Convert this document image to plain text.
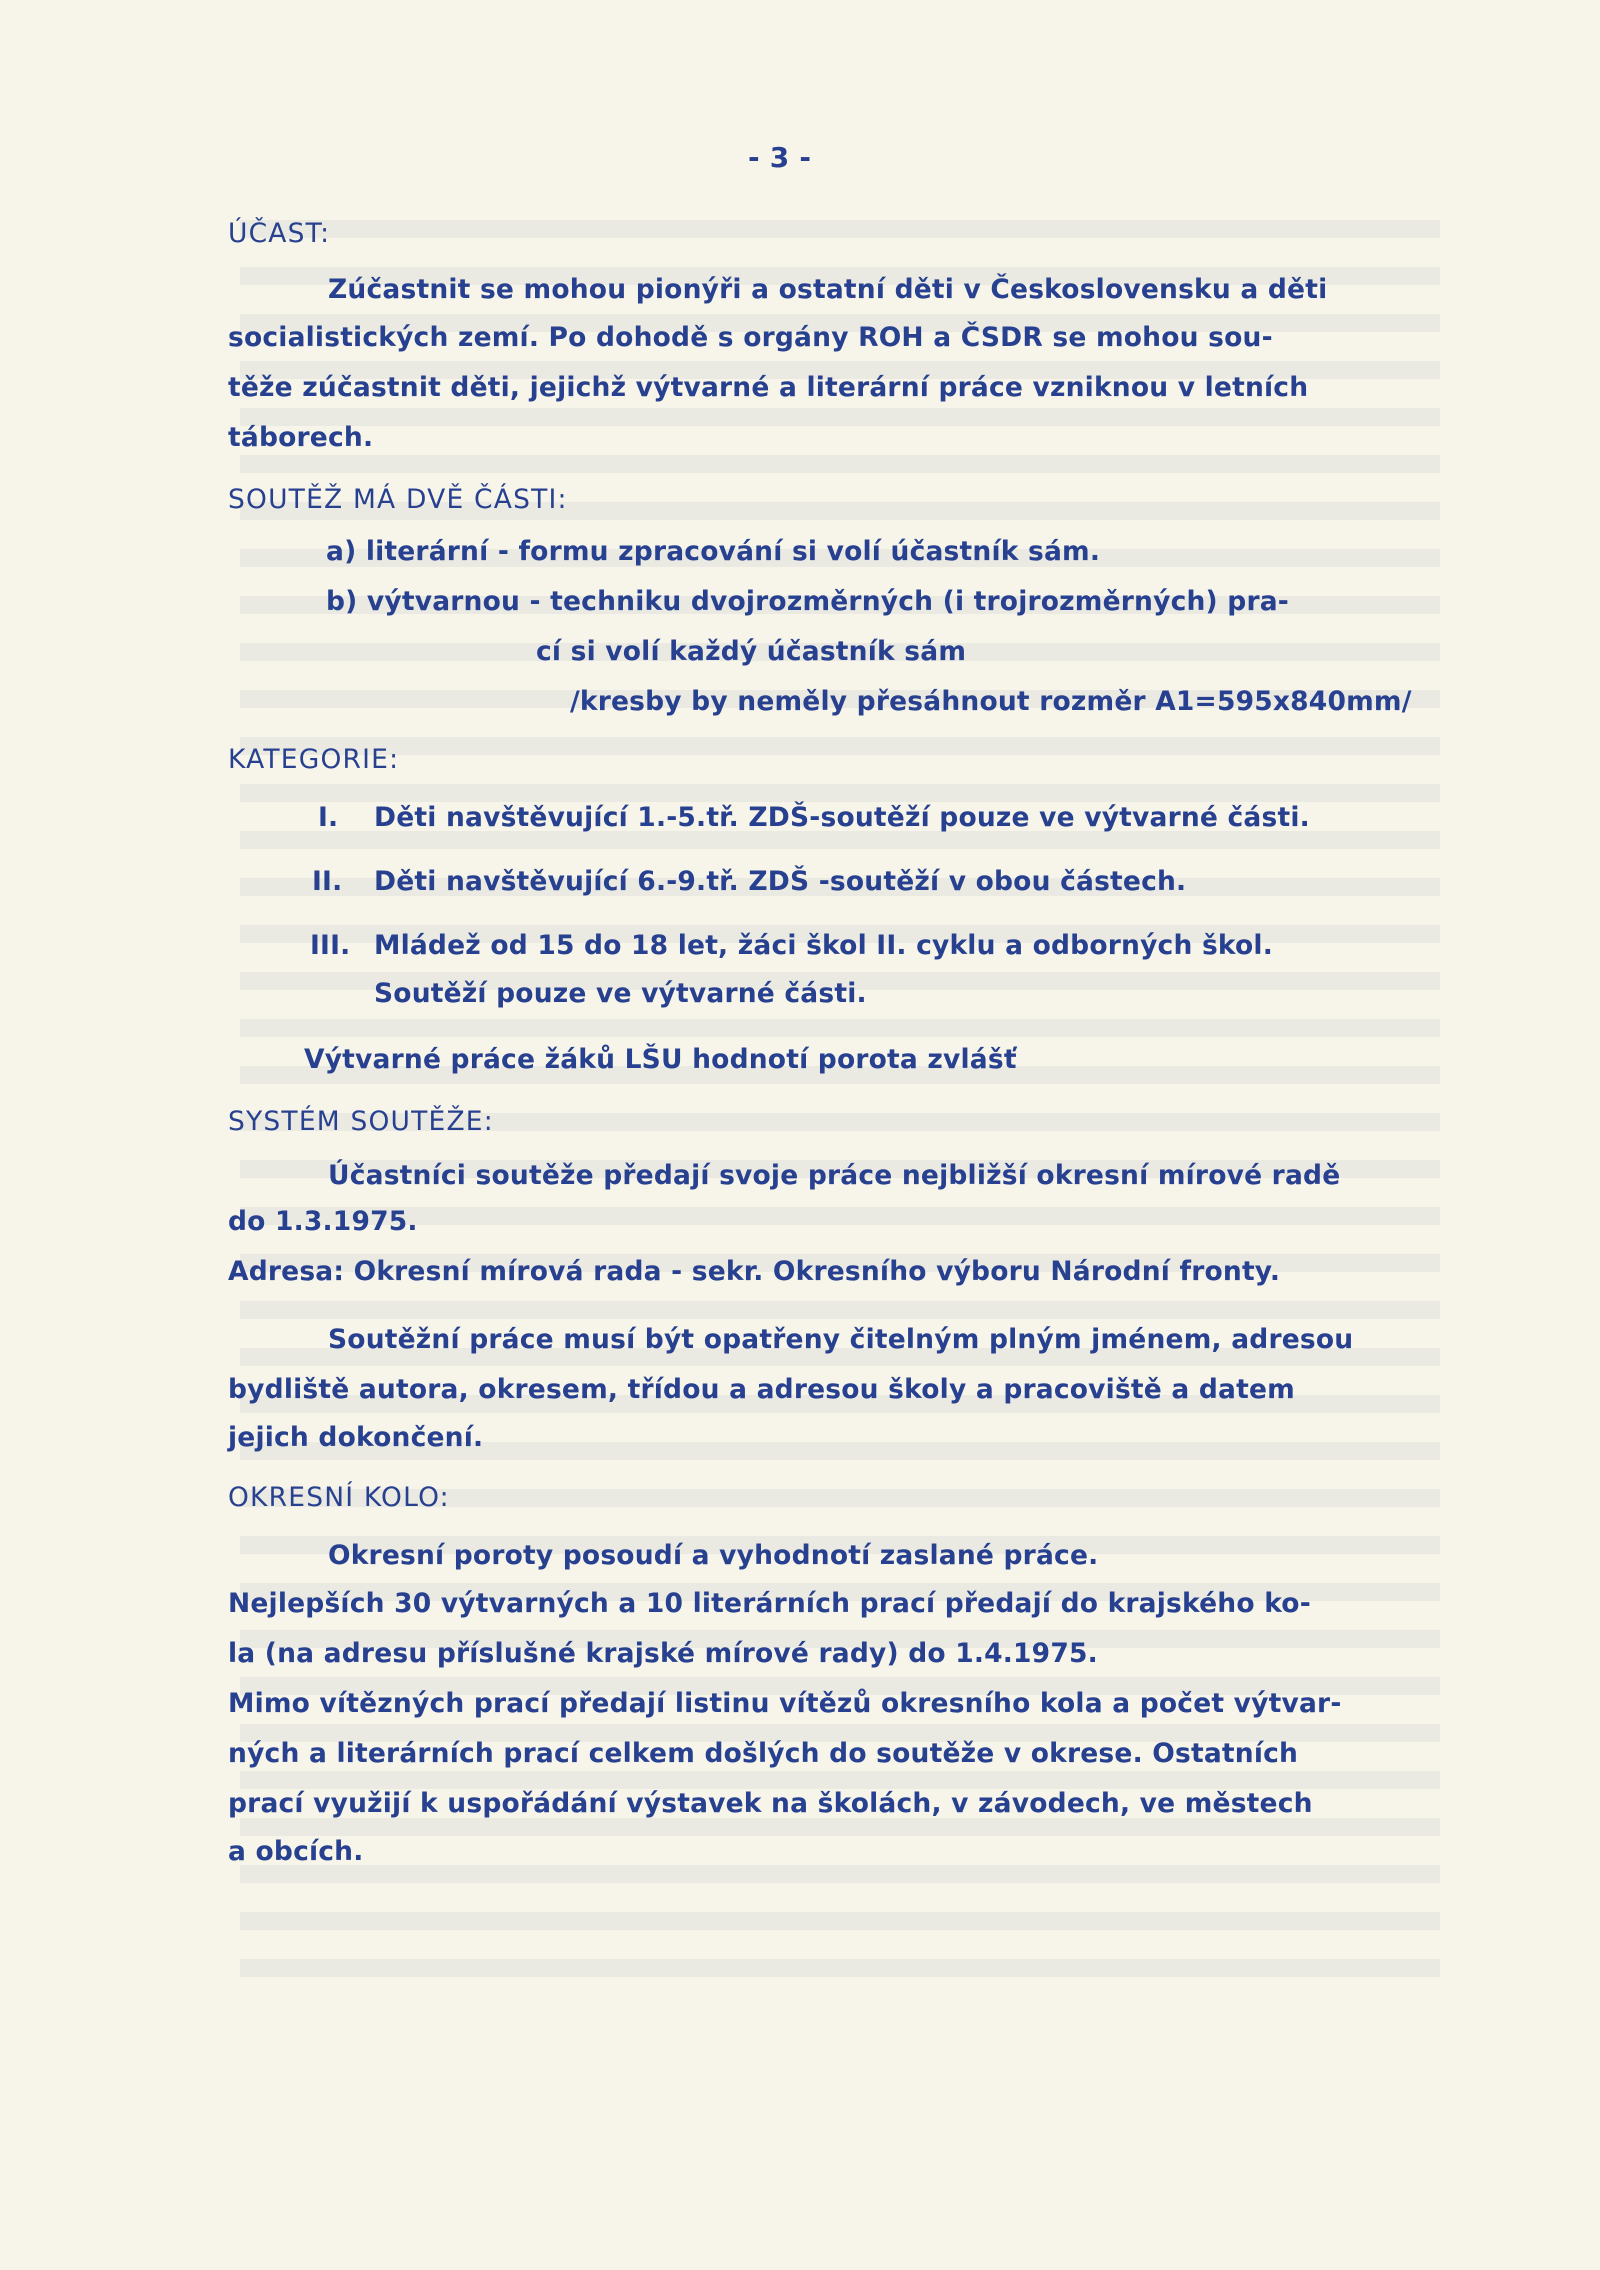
- 3 -
ÚČAST:
Zúčastnit se mohou pionýři a ostatní děti v Československu a děti
socialistických zemí. Po dohodě s orgány ROH a ČSDR se mohou sou-
těže zúčastnit děti, jejichž výtvarné a literární práce vzniknou v letních
táborech.
SOUTĚŽ MÁ DVĚ ČÁSTI:
a) literární - formu zpracování si volí účastník sám.
b) výtvarnou - techniku dvojrozměrných (i trojrozměrných) pra-
cí si volí každý účastník sám
/kresby by neměly přesáhnout rozměr A1=595x840mm/
KATEGORIE:
I. Děti navštěvující 1.-5.tř. ZDŠ-soutěží pouze ve výtvarné části.
II. Děti navštěvující 6.-9.tř. ZDŠ -soutěží v obou částech.
III. Mládež od 15 do 18 let, žáci škol II. cyklu a odborných škol.
Soutěží pouze ve výtvarné části.
Výtvarné práce žáků LŠU hodnotí porota zvlášť
SYSTÉM SOUTĚŽE:
Účastníci soutěže předají svoje práce nejbližší okresní mírové radě
do 1.3.1975.
Adresa: Okresní mírová rada - sekr. Okresního výboru Národní fronty.
Soutěžní práce musí být opatřeny čitelným plným jménem, adresou
bydliště autora, okresem, třídou a adresou školy a pracoviště a datem
jejich dokončení.
OKRESNÍ KOLO:
Okresní poroty posoudí a vyhodnotí zaslané práce.
Nejlepších 30 výtvarných a 10 literárních prací předají do krajského ko-
la (na adresu příslušné krajské mírové rady) do 1.4.1975.
Mimo vítězných prací předají listinu vítězů okresního kola a počet výtvar-
ných a literárních prací celkem došlých do soutěže v okrese. Ostatních
prací využijí k uspořádání výstavek na školách, v závodech, ve městech
a obcích.
